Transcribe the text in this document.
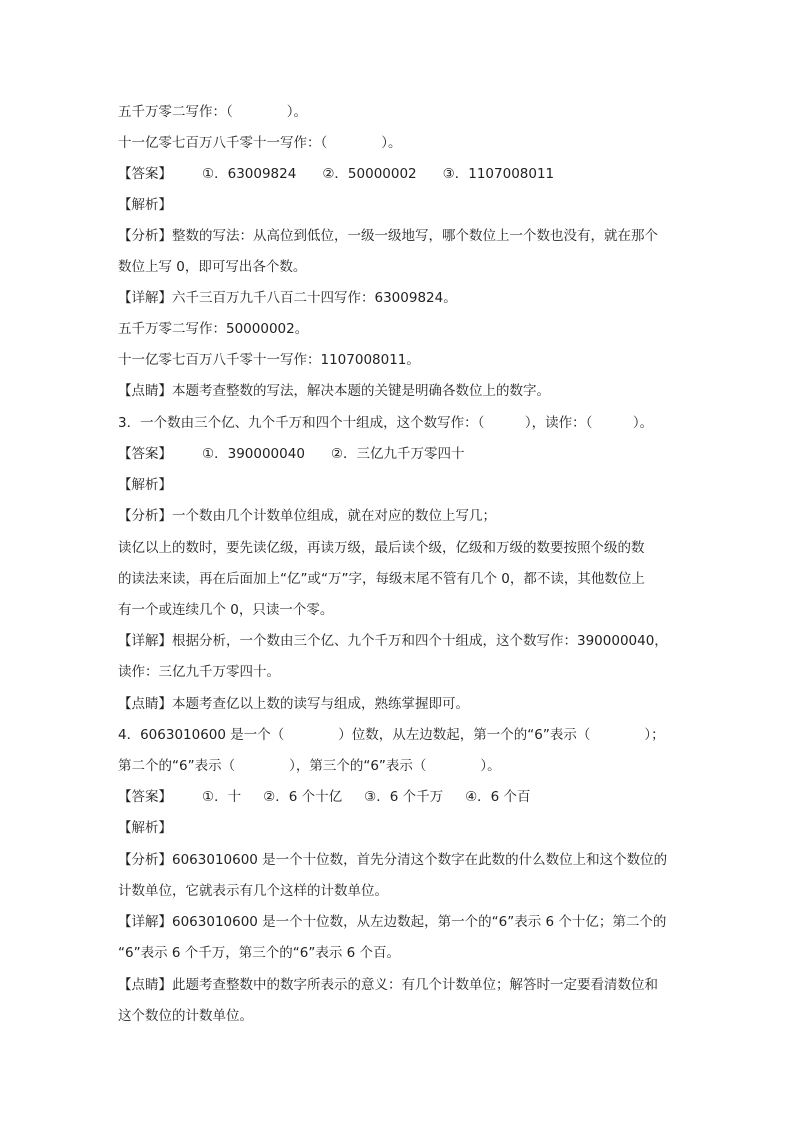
五千万零二写作：（　　　　）。
十一亿零七百万八千零十一写作：（　　　　）。
【答案】 ①．63009824 ②．50000002 ③．1107008011
【解析】
【分析】整数的写法：从高位到低位，一级一级地写，哪个数位上一个数也没有，就在那个
数位上写 0，即可写出各个数。
【详解】六千三百万九千八百二十四写作：63009824。
五千万零二写作：50000002。
十一亿零七百万八千零十一写作：1107008011。
【点睛】本题考查整数的写法，解决本题的关键是明确各数位上的数字。
3．一个数由三个亿、九个千万和四个十组成，这个数写作：（　　　），读作：（　　　）。
【答案】 ①．390000040 ②．三亿九千万零四十
【解析】
【分析】一个数由几个计数单位组成，就在对应的数位上写几；
读亿以上的数时，要先读亿级，再读万级，最后读个级，亿级和万级的数要按照个级的数
的读法来读，再在后面加上“亿”或“万”字，每级末尾不管有几个 0，都不读，其他数位上
有一个或连续几个 0，只读一个零。
【详解】根据分析，一个数由三个亿、九个千万和四个十组成，这个数写作：390000040，
读作：三亿九千万零四十。
【点睛】本题考查亿以上数的读写与组成，熟练掌握即可。
4．6063010600 是一个（　　　　）位数，从左边数起，第一个的“6”表示（　　　　）；
第二个的“6”表示（　　　　），第三个的“6”表示（　　　　）。
【答案】 ①．十 ②．6 个十亿 ③．6 个千万 ④．6 个百
【解析】
【分析】6063010600 是一个十位数，首先分清这个数字在此数的什么数位上和这个数位的
计数单位，它就表示有几个这样的计数单位。
【详解】6063010600 是一个十位数，从左边数起，第一个的“6”表示 6 个十亿；第二个的
“6”表示 6 个千万，第三个的“6”表示 6 个百。
【点睛】此题考查整数中的数字所表示的意义：有几个计数单位；解答时一定要看清数位和
这个数位的计数单位。
